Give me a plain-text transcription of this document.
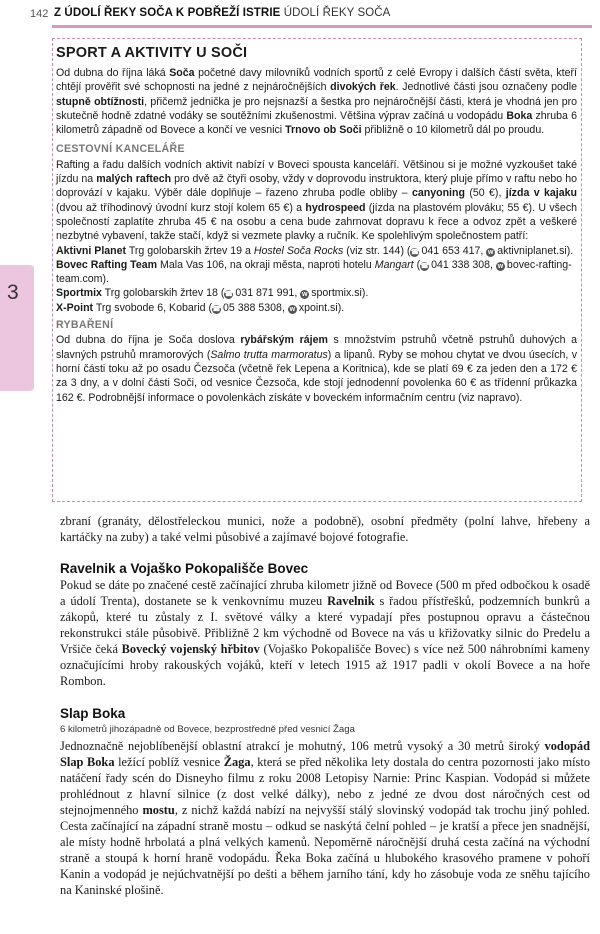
142 Z ÚDOLÍ ŘEKY SOČA K POBŘEŽÍ ISTRIE ÚDOLÍ ŘEKY SOČA
3
SPORT A AKTIVITY U SOČI

Od dubna do října láká Soča početné davy milovníků vodních sportů z celé Evropy i dalších částí světa, kteří chtějí prověřit své schopnosti na jedné z nejnáročnějších divokých řek. Jednotlivé části jsou označeny podle stupně obtížnosti, přičemž jednička je pro nejsnazší a šestka pro nejnáročnější části, která je vhodná jen pro skutečně hodně zdatné vodáky se soutěžními zkušenostmi. Většina výprav začíná u vodopádu Boka zhruba 6 kilometrů západně od Bovece a končí ve vesnici Trnovo ob Soči přibližně o 10 kilometrů dál po proudu.

CESTOVNÍ KANCELÁŘE

Rafting a řadu dalších vodních aktivit nabízí v Boveci spousta kanceláří. Většinou si je možné vyzkoušet také jízdu na malých raftech pro dvě až čtyři osoby, vždy v doprovodu instruktora, který pluje přímo v raftu nebo ho doprovází v kajaku. Výběr dále doplňuje – řazeno zhruba podle obliby – canyoning (50 €), jízda v kajaku (dvou až tříhodinový úvodní kurz stojí kolem 65 €) a hydrospeed (jízda na plastovém plováku; 55 €). U všech společností zaplatíte zhruba 45 € na osobu a cena bude zahrnovat dopravu k řece a odvoz zpět a veškeré nezbytné vybavení, takže stačí, když si vezmete plavky a ručník. Ke spolehlivým společnostem patří:

Aktivni Planet Trg golobarskih žrtev 19 a Hostel Soča Rocks (viz str. 144) (☎ 041 653 417, w aktivniplanet.si).

Bovec Rafting Team Mala Vas 106, na okraji města, naproti hotelu Mangart (☎ 041 338 308, w bovec-rafting-team.com).

Sportmix Trg golobarskih žrtev 18 (☎ 031 871 991, w sportmix.si).

X-Point Trg svobode 6, Kobarid (☎ 05 388 5308, w xpoint.si).

RYBAŘENÍ

Od dubna do října je Soča doslova rybářským rájem s množstvím pstruhů včetně pstruhů duhových a slavných pstruhů mramorových (Salmo trutta marmoratus) a lipanů. Ryby se mohou chytat ve dvou úsecích, v horní části toku až po osadu Čezsoča (včetně řek Lepena a Koritnica), kde se platí 69 € za jeden den a 172 € za 3 dny, a v dolní části Soči, od vesnice Čezsoča, kde stojí jednodenní povolenka 60 € as třídenní průkazka 162 €. Podrobnější informace o povolenkách získáte v boveckém informačním centru (viz napravo).

zbraní (granáty, dělostřeleckou munici, nože a podobně), osobní předměty (polní lahve, hřebeny a kartáčky na zuby) a také velmi působivé a zajímavé bojové fotografie.

Ravelnik a Vojaško Pokopališče Bovec

Pokud se dáte po značené cestě začínající zhruba kilometr jižně od Bovece (500 m před odbočkou k osadě a údolí Trenta), dostanete se k venkovnímu muzeu Ravelnik s řadou přístřešků, podzemních bunkrů a zákopů, které tu zůstaly z I. světové války a které vypadají přes postupnou opravu a částečnou rekonstrukci stále působivě. Přibližně 2 km východně od Bovece na vás u křižovatky silnic do Predelu a Vršiče čeká Bovecký vojenský hřbitov (Vojaško Pokopališče Bovec) s více než 500 náhrobními kameny označujícími hroby rakouských vojáků, kteří v letech 1915 až 1917 padli v okolí Bovece a na hoře Rombon.

Slap Boka
6 kilometrů jihozápadně od Bovece, bezprostředně před vesnicí Žaga

Jednoznačně nejoblíbenější oblastní atrakcí je mohutný, 106 metrů vysoký a 30 metrů široký vodopád Slap Boka ležící poblíž vesnice Žaga, která se před několika lety dostala do centra pozornosti jako místo natáčení řady scén do Disneyho filmu z roku 2008 Letopisy Narnie: Princ Kaspian. Vodopád si můžete prohlédnout z hlavní silnice (z dost velké dálky), nebo z jedné ze dvou dost náročných cest od stejnojmenného mostu, z nichž každá nabízí na nejvyšší stálý slovinský vodopád tak trochu jiný pohled. Cesta začínající na západní straně mostu – odkud se naskýtá čelní pohled – je kratší a přece jen snadnější, ale místy hodně hrbolatá a plná velkých kamenů. Nepoměrně náročnější druhá cesta začíná na východní straně a stoupá k horní hraně vodopádu. Řeka Boka začíná u hlubokého krasového pramene v pohoří Kanin a vodopád je nejúchvatnější po dešti a během jarního tání, kdy ho zásobuje voda ze sněhu tajícího na Kaninské plošině.
